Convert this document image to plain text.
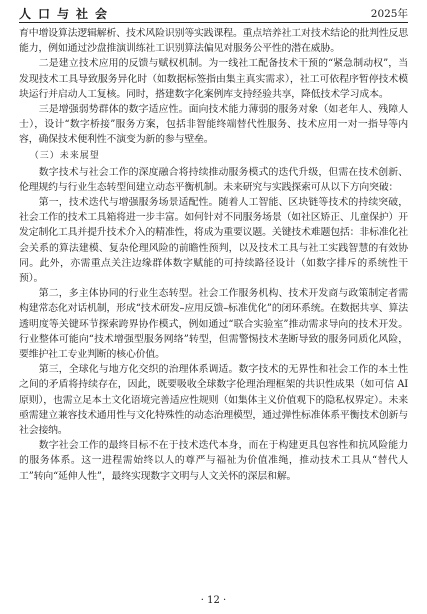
人口与社会	2025年

育中增设算法逻辑解析、技术风险识别等实践课程。重点培养社工对技术结论的批判性反思能力，例如通过沙盘推演训练社工识别算法偏见对服务公平性的潜在威胁。

二是建立技术应用的反馈与赋权机制。为一线社工配备技术干预的“紧急制动权”，当发现技术工具导致服务异化时（如数据标签指由集主真实需求），社工可依程序暂停技术模块运行并启动人工复核。同时，搭建数字化案例库支持经验共享，降低技术学习成本。

三是增强弱势群体的数字适应性。面向技术能力薄弱的服务对象（如老年人、残障人士），设计“数字桥接”服务方案，包括非智能终端替代性服务、技术应用一对一指导等内容，确保技术便利性不演变为新的参与壁垒。

（三）未来展望

数字技术与社会工作的深度融合将持续推动服务模式的迭代升级，但需在技术创新、伦理规约与行业生态转型间建立动态平衡机制。未来研究与实践探索可从以下方向突破：

第一，技术迭代与增强服务场景适配性。随着人工智能、区块链等技术的持续突破，社会工作的技术工具箱将进一步丰富。如何针对不同服务场景（如社区矫正、儿童保护）开发定制化工具并提升技术介入的精准性，将成为重要议题。关键技术难题包括：非标准化社会关系的算法建模、复杂伦理风险的前瞻性预判，以及技术工具与社工实践智慧的有效协同。此外，亦需重点关注边缘群体数字赋能的可持续路径设计（如数字排斥的系统性干预）。

第二，多主体协同的行业生态转型。社会工作服务机构、技术开发商与政策制定者需构建常态化对话机制，形成“技术研发–应用反馈–标准优化”的闭环系统。在数据共享、算法透明度等关键环节探索跨界协作模式，例如通过“联合实验室”推动需求导向的技术开发。行业整体可能向“技术增强型服务网络”转型，但需警惕技术垄断导致的服务同质化风险，要维护社工专业判断的核心价值。

第三，全球化与地方化交织的治理体系调适。数字技术的无界性和社会工作的本土性之间的矛盾将持续存在，因此，既要吸收全球数字伦理治理框架的共识性成果（如可信 AI 原则），也需立足本土文化语境完善适应性规则（如集体主义价值观下的隐私权界定）。未来亟需建立兼容技术通用性与文化特殊性的动态治理模型，通过弹性标准体系平衡技术创新与社会接纳。

数字社会工作的最终目标不在于技术迭代本身，而在于构建更具包容性和抗风险能力的服务体系。这一进程需始终以人的尊严与福祉为价值准绳，推动技术工具从“替代人工”转向“延伸人性”，最终实现数字文明与人文关怀的深层和解。

· 12 ·
